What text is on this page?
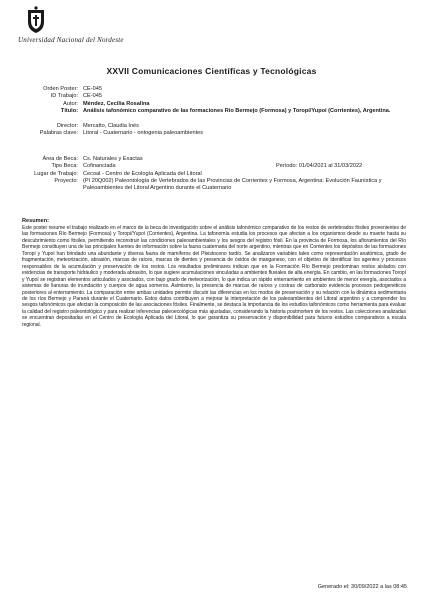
Universidad Nacional del Nordeste
XXVII Comunicaciones Científicas y Tecnológicas
Orden Poster: CE-045
ID Trabajo: CE-045
Autor: Méndez, Cecilia Rosalina
Título: Análisis tafonómico comparativo de las formaciones Río Bermejo (Formosa) y Toropí/Yupoí (Corrientes), Argentina.
Director: Mercatto, Claudia Inés
Palabras clave: Litoral - Cuaternario - ontogenia paleoambientes
Área de Beca: Cs. Naturales y Exactas
Tipo Beca: Cofinanciada	Período: 01/04/2021 al 31/03/2022
Lugar de Trabajo: Cecoal - Centro de Ecología Aplicada del Litoral
Proyecto: (PI 20Q002) Paleontología de Vertebrados de las Provincias de Corrientes y Formosa, Argentina: Evolución Faunística y Paleoambientes del Litoral Argentino durante el Cuaternario
Resumen:

Este poster resume el trabajo realizado en el marco de la beca de investigación sobre el análisis tafonómico comparativo de los restos de vertebrados fósiles provenientes de las formaciones Río Bermejo (Formosa) y Toropí/Yupoí (Corrientes), Argentina. La tafonomía estudia los procesos que afectan a los organismos desde su muerte hasta su descubrimiento como fósiles, permitiendo reconstruir las condiciones paleoambientales y los sesgos del registro fósil. En la provincia de Formosa, los afloramientos del Río Bermejo constituyen una de las principales fuentes de información sobre la fauna cuaternaria del norte argentino, mientras que en Corrientes los depósitos de las formaciones Toropí y Yupoí han brindado una abundante y diversa fauna de mamíferos del Pleistoceno tardío. Se analizaron variables tales como representación anatómica, grado de fragmentación, meteorización, abrasión, marcas de raíces, marcas de dientes y presencia de óxidos de manganeso, con el objetivo de identificar los agentes y procesos responsables de la acumulación y preservación de los restos. Los resultados preliminares indican que en la Formación Río Bermejo predominan restos aislados con evidencias de transporte hidráulico y moderada abrasión, lo que sugiere acumulaciones vinculadas a ambientes fluviales de alta energía. En cambio, en las formaciones Toropí y Yupoí se registran elementos articulados y asociados, con bajo grado de meteorización, lo que indica un rápido enterramiento en ambientes de menor energía, asociados a sistemas de llanuras de inundación y cuerpos de agua someros. Asimismo, la presencia de marcas de raíces y costras de carbonato evidencia procesos pedogenéticos posteriores al enterramiento. La comparación entre ambas unidades permite discutir las diferencias en los modos de preservación y su relación con la dinámica sedimentaria de los ríos Bermejo y Paraná durante el Cuaternario. Estos datos contribuyen a mejorar la interpretación de los paleoambientes del Litoral argentino y a comprender los sesgos tafonómicos que afectan la composición de las asociaciones fósiles. Finalmente, se destaca la importancia de los estudios tafonómicos como herramienta para evaluar la calidad del registro paleontológico y para realizar inferencias paleoecológicas más ajustadas, considerando la historia postmortem de los restos. Las colecciones analizadas se encuentran depositadas en el Centro de Ecología Aplicada del Litoral, lo que garantiza su preservación y disponibilidad para futuros estudios comparativos a escala regional.

Generado el: 30/09/2022 a las 08:45
